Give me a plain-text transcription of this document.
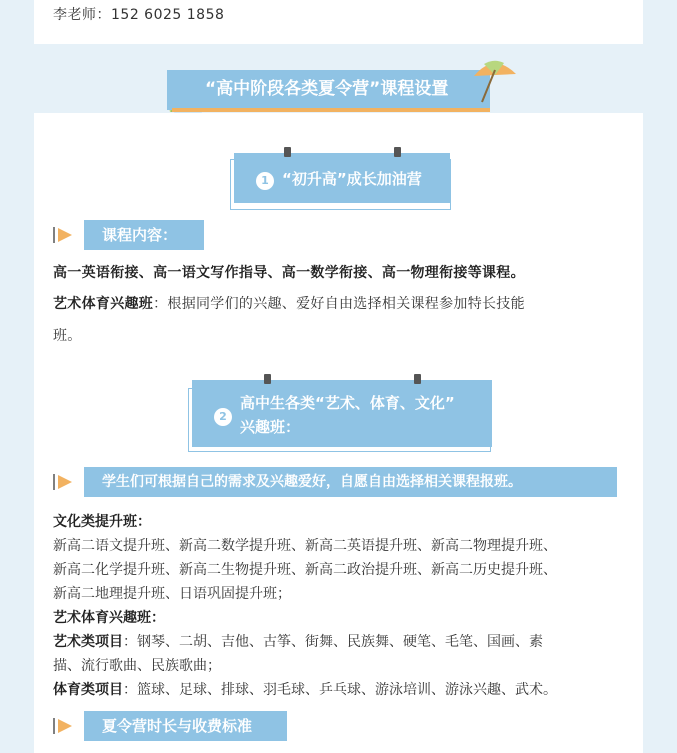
李老师：152 6025 1858
“高中阶段各类夏令营”课程设置
1 “初升高”成长加油营
课程内容：
高一英语衔接、高一语文写作指导、高一数学衔接、高一物理衔接等课程。
艺术体育兴趣班：根据同学们的兴趣、爱好自由选择相关课程参加特长技能
班。
2
高中生各类“艺术、体育、文化”
兴趣班：
学生们可根据自己的需求及兴趣爱好，自愿自由选择相关课程报班。
文化类提升班：
新高二语文提升班、新高二数学提升班、新高二英语提升班、新高二物理提升班、
新高二化学提升班、新高二生物提升班、新高二政治提升班、新高二历史提升班、
新高二地理提升班、日语巩固提升班；
艺术体育兴趣班：
艺术类项目：钢琴、二胡、吉他、古筝、街舞、民族舞、硬笔、毛笔、国画、素
描、流行歌曲、民族歌曲；
体育类项目：篮球、足球、排球、羽毛球、乒乓球、游泳培训、游泳兴趣、武术。
夏令营时长与收费标准
